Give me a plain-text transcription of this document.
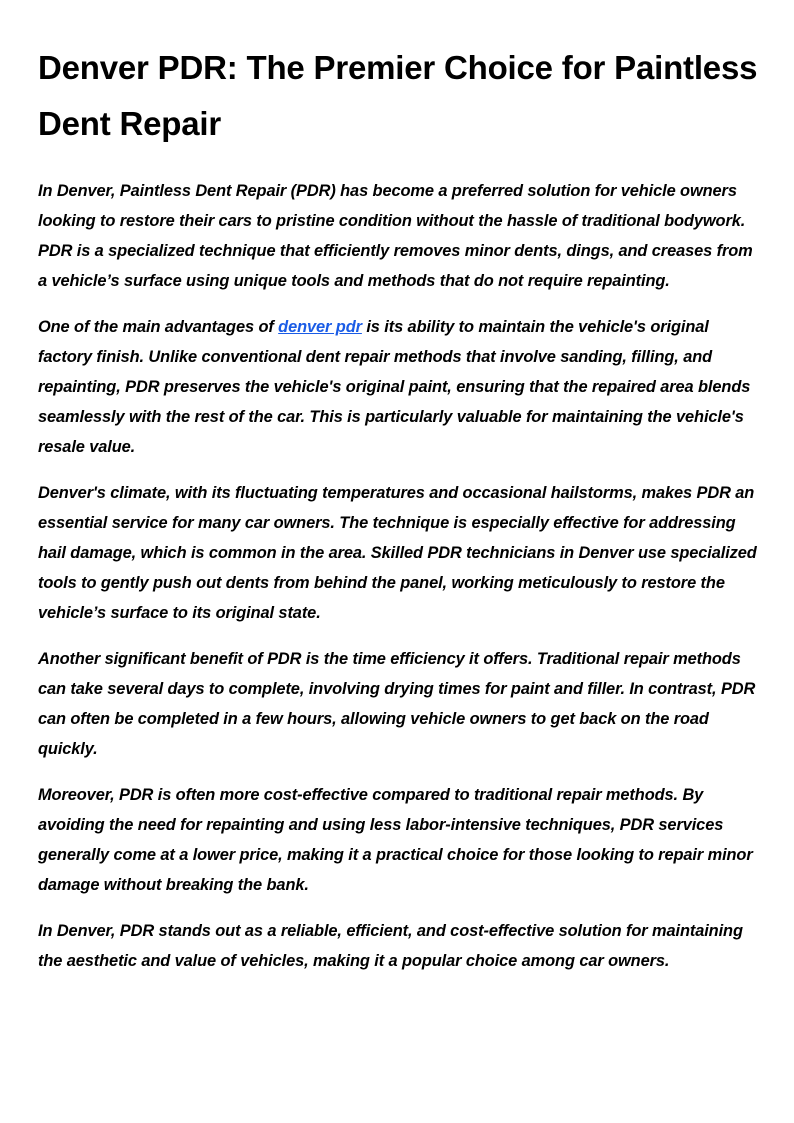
Denver PDR: The Premier Choice for Paintless Dent Repair

In Denver, Paintless Dent Repair (PDR) has become a preferred solution for vehicle owners looking to restore their cars to pristine condition without the hassle of traditional bodywork. PDR is a specialized technique that efficiently removes minor dents, dings, and creases from a vehicle’s surface using unique tools and methods that do not require repainting.

One of the main advantages of denver pdr is its ability to maintain the vehicle's original factory finish. Unlike conventional dent repair methods that involve sanding, filling, and repainting, PDR preserves the vehicle's original paint, ensuring that the repaired area blends seamlessly with the rest of the car. This is particularly valuable for maintaining the vehicle's resale value.

Denver's climate, with its fluctuating temperatures and occasional hailstorms, makes PDR an essential service for many car owners. The technique is especially effective for addressing hail damage, which is common in the area. Skilled PDR technicians in Denver use specialized tools to gently push out dents from behind the panel, working meticulously to restore the vehicle’s surface to its original state.

Another significant benefit of PDR is the time efficiency it offers. Traditional repair methods can take several days to complete, involving drying times for paint and filler. In contrast, PDR can often be completed in a few hours, allowing vehicle owners to get back on the road quickly.

Moreover, PDR is often more cost-effective compared to traditional repair methods. By avoiding the need for repainting and using less labor-intensive techniques, PDR services generally come at a lower price, making it a practical choice for those looking to repair minor damage without breaking the bank.

In Denver, PDR stands out as a reliable, efficient, and cost-effective solution for maintaining the aesthetic and value of vehicles, making it a popular choice among car owners.
